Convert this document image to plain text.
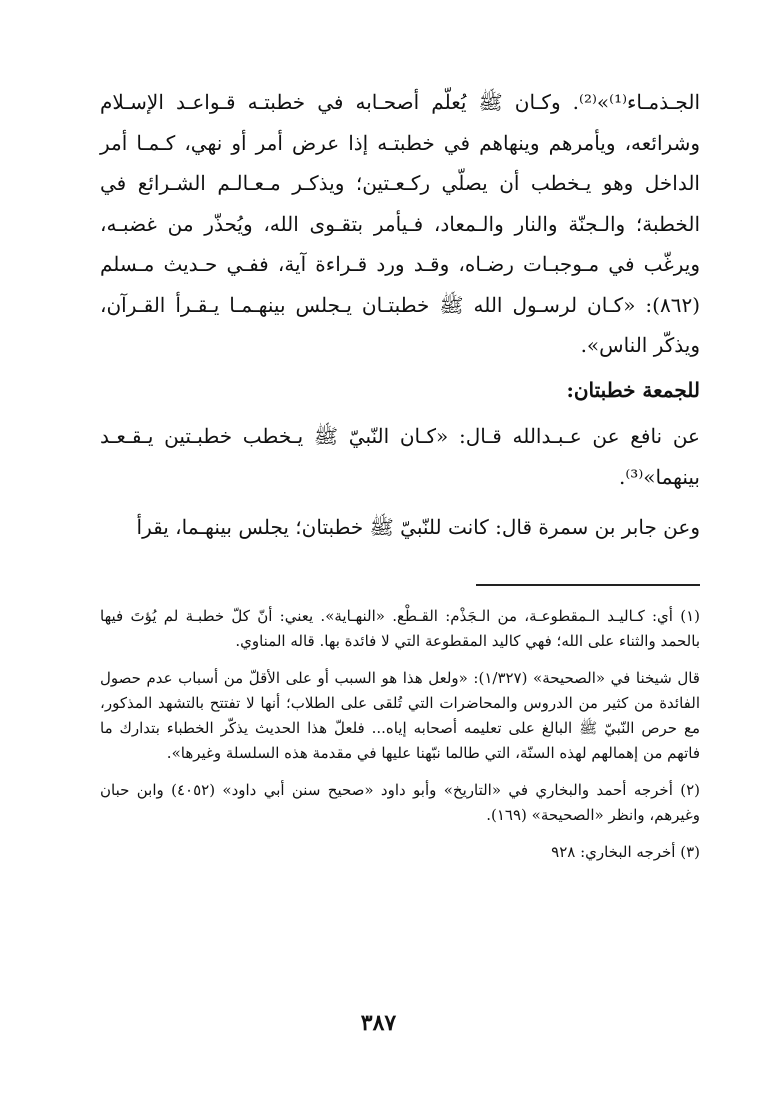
الجـذمـاء⁽¹⁾»⁽²⁾. وكـان ﷺ يُعلّم أصحـابه في خطبتـه قـواعـد الإسـلام وشرائعه، ويأمرهم وينهاهم في خطبتـه إذا عرض أمر أو نهي، كـمـا أمر الداخل وهو يـخطب أن يصلّي ركـعـتين؛ ويذكـر مـعـالـم الشـرائع في الخطبة؛ والـجنّة والنار والـمعاد، فـيأمر بتقـوى الله، ويُحذّر من غضبـه، ويرغّب في مـوجبـات رضـاه، وقـد ورد قـراءة آية، ففـي حـديث مـسلم (٨٦٢): «كـان لرسـول الله ﷺ خطبتـان يـجلس بينهـمـا يـقـرأ القـرآن، ويذكّر الناس».

للجمعة خطبتان:

عن نافع عن عـبـدالله قـال: «كـان النّبيّ ﷺ يـخطب خطبـتين يـقـعـد بينهما»⁽³⁾.

وعن جابر بن سمرة قال: كانت للنّبيّ ﷺ خطبتان؛ يجلس بينهـما، يقرأ

(١) أي: كـاليـد الـمقطوعـة، من الـجَذْم: القـطْع. «النهـاية». يعني: أنّ كلّ خطبـة لم يُؤتَ فيها بالحمد والثناء على الله؛ فهي كاليد المقطوعة التي لا فائدة بها. قاله المناوي.

قال شيخنا في «الصحيحة» (١/٣٢٧): «ولعل هذا هو السبب أو على الأقلّ من أسباب عدم حصول الفائدة من كثير من الدروس والمحاضرات التي تُلقى على الطلاب؛ أنها لا تفتتح بالتشهد المذكور، مع حرص النّبيّ ﷺ البالغ على تعليمه أصحابه إياه... فلعلّ هذا الحديث يذكّر الخطباء بتدارك ما فاتهم من إهمالهم لهذه السنّة، التي طالما نبّهنا عليها في مقدمة هذه السلسلة وغيرها».

(٢) أخرجه أحمد والبخاري في «التاريخ» وأبو داود «صحيح سنن أبي داود» (٤٠٥٢) وابن حبان وغيرهم، وانظر «الصحيحة» (١٦٩).

(٣) أخرجه البخاري: ٩٢٨

٣٨٧
